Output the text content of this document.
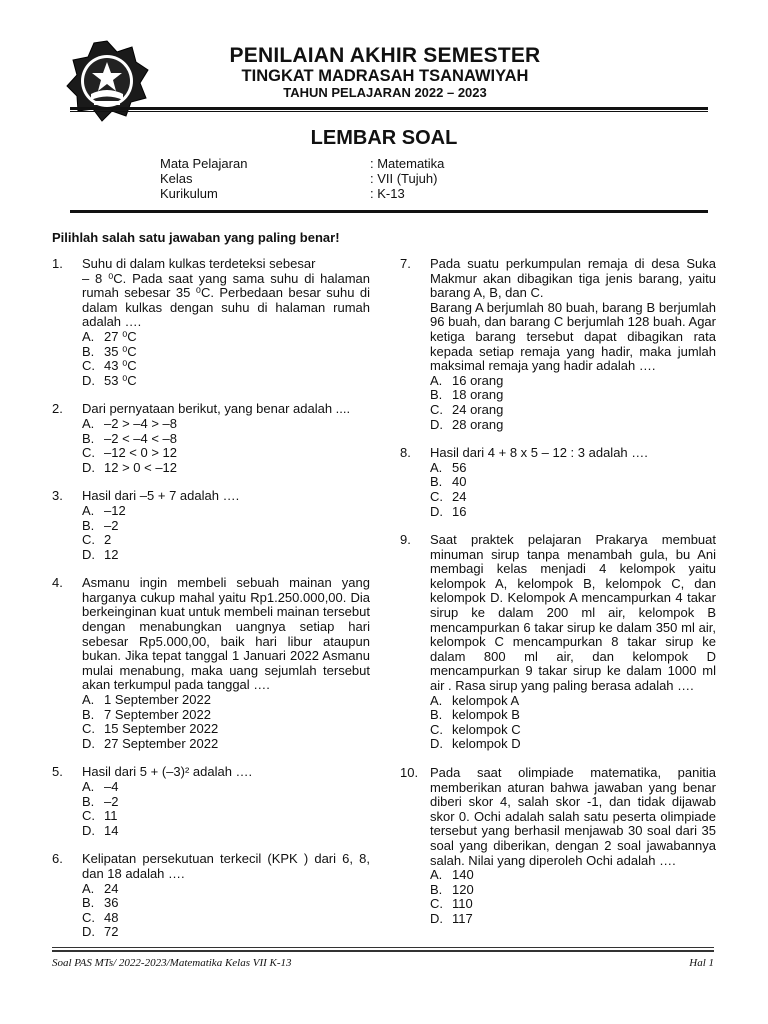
PENILAIAN AKHIR SEMESTER
TINGKAT MADRASAH TSANAWIYAH
TAHUN PELAJARAN 2022 – 2023
LEMBAR SOAL
Mata Pelajaran	: Matematika
Kelas	: VII (Tujuh)
Kurikulum	: K-13
Pilihlah salah satu jawaban yang paling benar!
1. Suhu di dalam kulkas terdeteksi sebesar
– 8 ⁰C. Pada saat yang sama suhu di halaman rumah sebesar 35 ⁰C. Perbedaan besar suhu di dalam kulkas dengan suhu di halaman rumah adalah ….
A. 27 ⁰C
B. 35 ⁰C
C. 43 ⁰C
D. 53 ⁰C
2. Dari pernyataan berikut, yang benar adalah ....
A. –2 > –4 > –8
B. –2 < –4 < –8
C. –12 < 0 > 12
D. 12 > 0 < –12
3. Hasil dari –5 + 7 adalah ….
A. –12
B. –2
C. 2
D. 12
4. Asmanu ingin membeli sebuah mainan yang harganya cukup mahal yaitu Rp1.250.000,00. Dia berkeinginan kuat untuk membeli mainan tersebut dengan menabungkan uangnya setiap hari sebesar Rp5.000,00, baik hari libur ataupun bukan. Jika tepat tanggal 1 Januari 2022 Asmanu mulai menabung, maka uang sejumlah tersebut akan terkumpul pada tanggal ….
A. 1 September 2022
B. 7 September 2022
C. 15 September 2022
D. 27 September 2022
5. Hasil dari 5 + (–3)² adalah ….
A. –4
B. –2
C. 11
D. 14
6. Kelipatan persekutuan terkecil (KPK ) dari 6, 8, dan 18 adalah ….
A. 24
B. 36
C. 48
D. 72
7. Pada suatu perkumpulan remaja di desa Suka Makmur akan dibagikan tiga jenis barang, yaitu barang A, B, dan C.
Barang A berjumlah 80 buah, barang B berjumlah 96 buah, dan barang C berjumlah 128 buah. Agar ketiga barang tersebut dapat dibagikan rata kepada setiap remaja yang hadir, maka jumlah maksimal remaja yang hadir adalah ….
A. 16 orang
B. 18 orang
C. 24 orang
D. 28 orang
8. Hasil dari 4 + 8 x 5 – 12 : 3 adalah ….
A. 56
B. 40
C. 24
D. 16
9. Saat praktek pelajaran Prakarya membuat minuman sirup tanpa menambah gula, bu Ani membagi kelas menjadi 4 kelompok yaitu kelompok A, kelompok B, kelompok C, dan kelompok D. Kelompok A mencampurkan 4 takar sirup ke dalam 200 ml air, kelompok B mencampurkan 6 takar sirup ke dalam 350 ml air, kelompok C mencampurkan 8 takar sirup ke dalam 800 ml air, dan kelompok D mencampurkan 9 takar sirup ke dalam 1000 ml air . Rasa sirup yang paling berasa adalah ….
A. kelompok A
B. kelompok B
C. kelompok C
D. kelompok D
10. Pada saat olimpiade matematika, panitia memberikan aturan bahwa jawaban yang benar diberi skor 4, salah skor -1, dan tidak dijawab skor 0. Ochi adalah salah satu peserta olimpiade tersebut yang berhasil menjawab 30 soal dari 35 soal yang diberikan, dengan 2 soal jawabannya salah. Nilai yang diperoleh Ochi adalah ….
A. 140
B. 120
C. 110
D. 117
Soal PAS MTs/ 2022-2023/Matematika Kelas VII K-13	Hal 1
